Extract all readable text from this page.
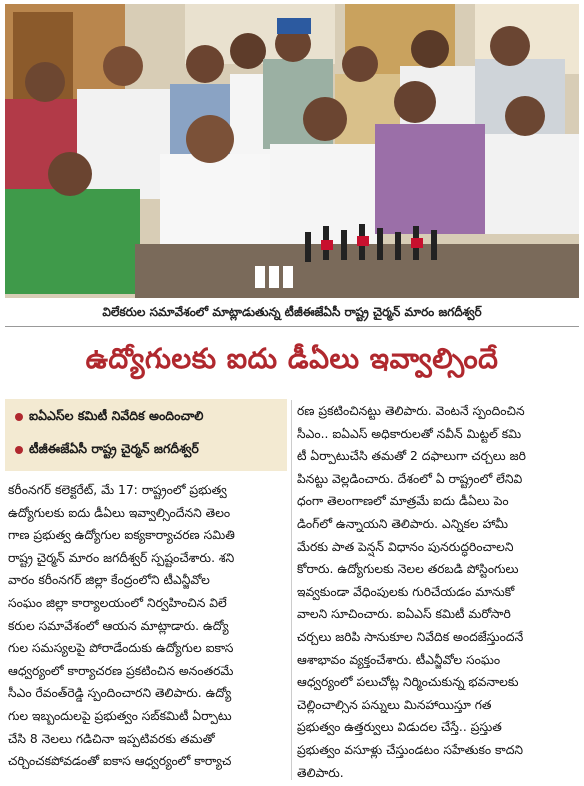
విలేకరుల సమావేశంలో మాట్లాడుతున్న టీజీఈజేఏసీ రాష్ట్ర చైర్మన్ మారం జగదీశ్వర్
ఉద్యోగులకు ఐదు డీఏలు ఇవ్వాల్సిందే
ఐఏఎస్‌ల కమిటీ నివేదిక అందించాలి
టీజీఈజేఏసీ రాష్ట్ర చైర్మన్ జగదీశ్వర్
కరీంనగర్ కలెక్టరేట్, మే 17: రాష్ట్రంలో ప్రభుత్వ
ఉద్యోగులకు ఐదు డీఏలు ఇవ్వాల్సిందేనని తెలం
గాణ ప్రభుత్వ ఉద్యోగుల ఐక్యకార్యాచరణ సమితి
రాష్ట్ర చైర్మన్ మారం జగదీశ్వర్ స్పష్టంచేశారు. శని
వారం కరీంనగర్ జిల్లా కేంద్రంలోని టీఎన్జీవోల
సంఘం జిల్లా కార్యాలయంలో నిర్వహించిన విలే
కరుల సమావేశంలో ఆయన మాట్లాడారు. ఉద్యో
గుల సమస్యలపై పోరాడేందుకు ఉద్యోగుల ఐకాస
ఆధ్వర్యంలో కార్యాచరణ ప్రకటించిన అనంతరమే
సీఎం రేవంత్‌రెడ్డి స్పందించారని తెలిపారు. ఉద్యో
గుల ఇబ్బందులపై ప్రభుత్వం సబ్‌కమిటీ ఏర్పాటు
చేసి 8 నెలలు గడిచినా ఇప్పటివరకు తమతో
చర్చించకపోవడంతో ఐకాస ఆధ్వర్యంలో కార్యాచ
రణ ప్రకటించినట్టు తెలిపారు. వెంటనే స్పందించిన
సీఎం.. ఐఏఎస్ అధికారులతో నవీన్ మిట్టల్ కమి
టీ ఏర్పాటుచేసి తమతో 2 దఫాలుగా చర్చలు జరి
పినట్టు వెల్లడించారు. దేశంలో ఏ రాష్ట్రంలో లేనివి
ధంగా తెలంగాణలో మాత్రమే ఐదు డీఏలు పెం
డింగ్‌లో ఉన్నాయని తెలిపారు. ఎన్నికల హామీ
మేరకు పాత పెన్షన్ విధానం పునరుద్ధరించాలని
కోరారు. ఉద్యోగులకు నెలల తరబడి పోస్టింగులు
ఇవ్వకుండా వేధింపులకు గురిచేయడం మానుకో
వాలని సూచించారు. ఐఏఎస్ కమిటీ మరోసారి
చర్చలు జరిపి సానుకూల నివేదిక అందజేస్తుందనే
ఆశాభావం వ్యక్తంచేశారు. టీఎన్జీవోల సంఘం
ఆధ్వర్యంలో పలుచోట్ల నిర్మించుకున్న భవనాలకు
చెల్లించాల్సిన పన్నులు మినహాయిస్తూ గత
ప్రభుత్వం ఉత్తర్వులు విడుదల చేస్తే.. ప్రస్తుత
ప్రభుత్వం వసూళ్లు చేస్తుండటం సహేతుకం కాదని
తెలిపారు.
